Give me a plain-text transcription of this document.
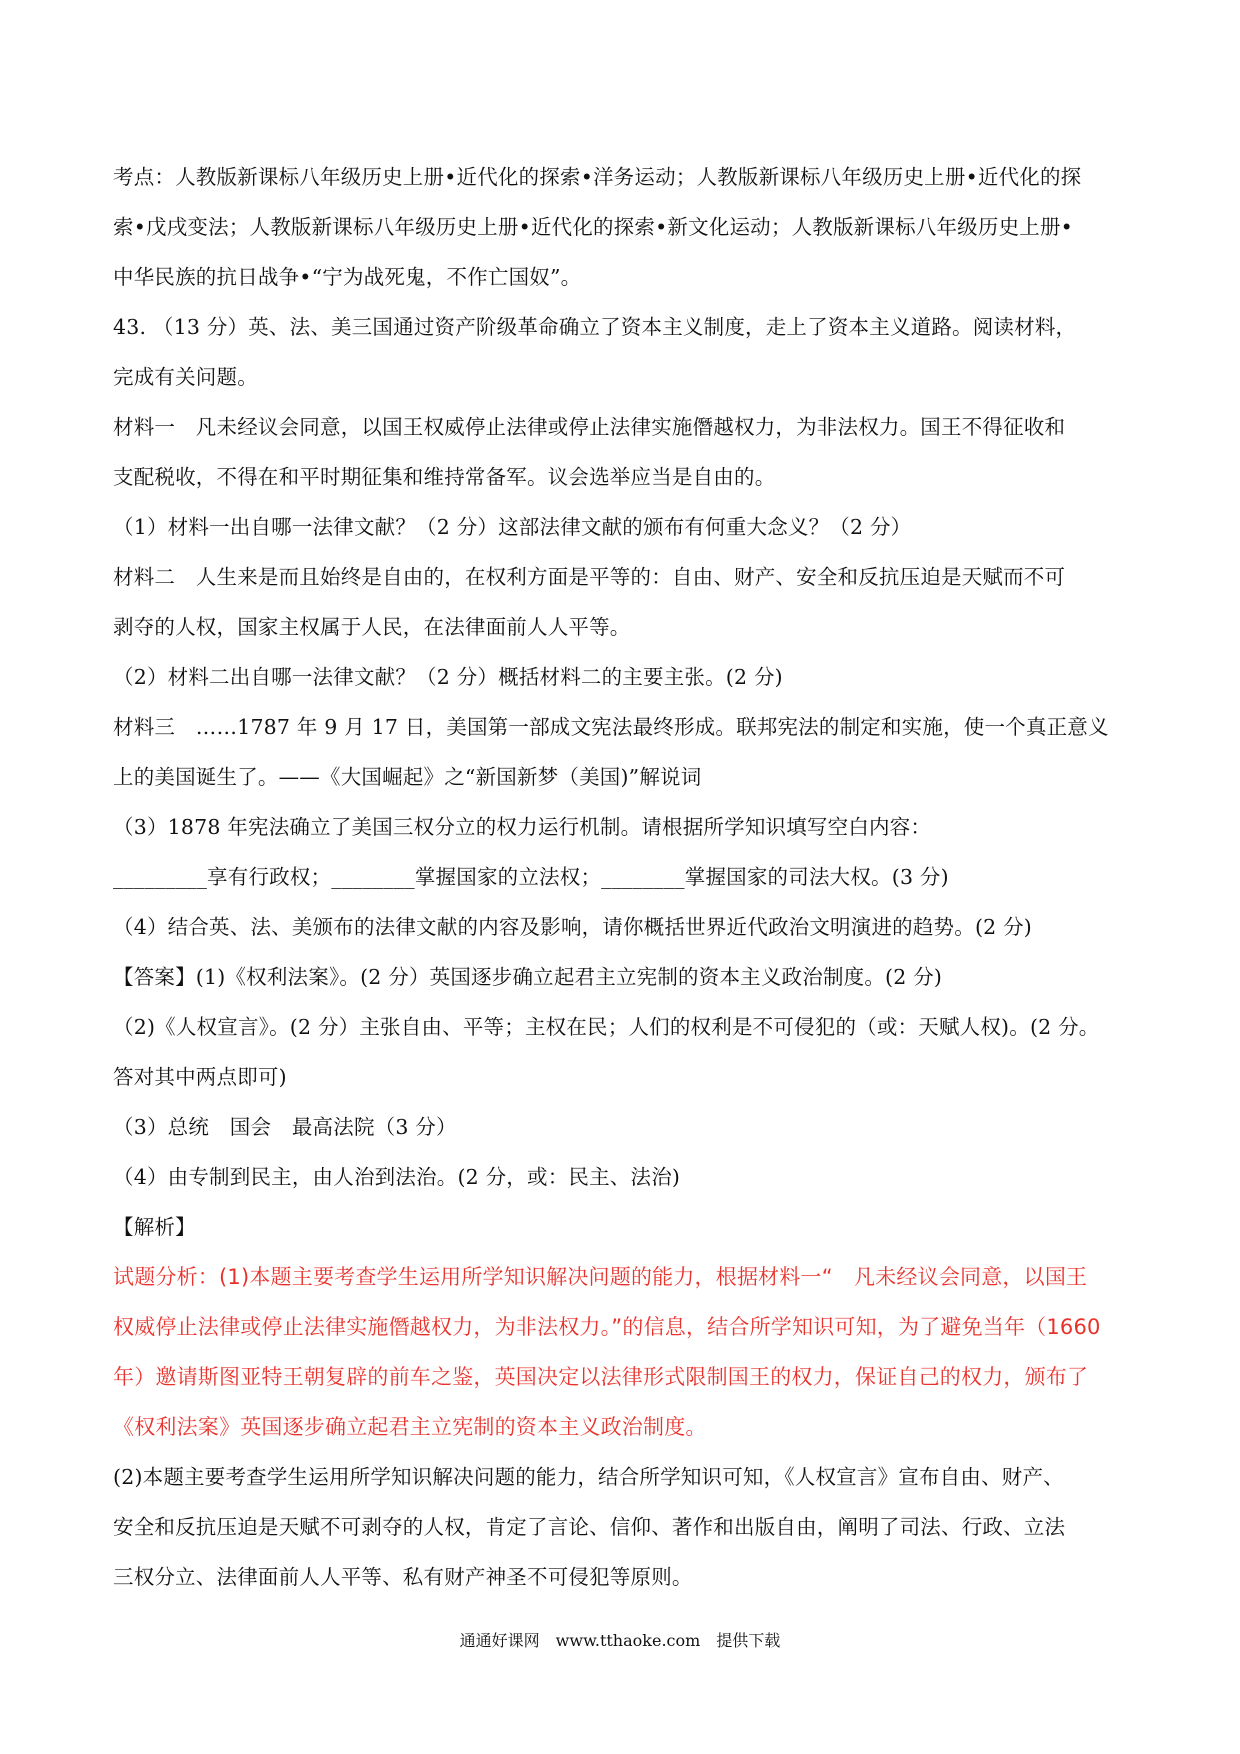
考点：人教版新课标八年级历史上册•近代化的探索•洋务运动；人教版新课标八年级历史上册•近代化的探
索•戊戌变法；人教版新课标八年级历史上册•近代化的探索•新文化运动；人教版新课标八年级历史上册•
中华民族的抗日战争•“宁为战死鬼，不作亡国奴”。
43. （13 分）英、法、美三国通过资产阶级革命确立了资本主义制度，走上了资本主义道路。阅读材料，
完成有关问题。
材料一　凡未经议会同意，以国王权威停止法律或停止法律实施僭越权力，为非法权力。国王不得征收和
支配税收，不得在和平时期征集和维持常备军。议会选举应当是自由的。
（1）材料一出自哪一法律文献？（2 分）这部法律文献的颁布有何重大念义？（2 分）
材料二　人生来是而且始终是自由的，在权利方面是平等的：自由、财产、安全和反抗压迫是天赋而不可
剥夺的人权，国家主权属于人民，在法律面前人人平等。
（2）材料二出自哪一法律文献？（2 分）概括材料二的主要主张。(2 分)
材料三　……1787 年 9 月 17 日，美国第一部成文宪法最终形成。联邦宪法的制定和实施，使一个真正意义
上的美国诞生了。——《大国崛起》之“新国新梦（美国)”解说词
（3）1878 年宪法确立了美国三权分立的权力运行机制。请根据所学知识填写空白内容：
_________享有行政权；________掌握国家的立法权；________掌握国家的司法大权。(3 分)
（4）结合英、法、美颁布的法律文献的内容及影响，请你概括世界近代政治文明演进的趋势。(2 分)
【答案】(1)《权利法案》。(2 分）英国逐步确立起君主立宪制的资本主义政治制度。(2 分)
（2)《人权宣言》。(2 分）主张自由、平等；主权在民；人们的权利是不可侵犯的（或：天赋人权)。(2 分。
答对其中两点即可)
（3）总统　国会　最高法院（3 分）
（4）由专制到民主，由人治到法治。(2 分，或：民主、法治)
【解析】
试题分析：(1)本题主要考查学生运用所学知识解决问题的能力，根据材料一“　凡未经议会同意，以国王
权威停止法律或停止法律实施僭越权力，为非法权力。”的信息，结合所学知识可知，为了避免当年（1660
年）邀请斯图亚特王朝复辟的前车之鉴，英国决定以法律形式限制国王的权力，保证自己的权力，颁布了
《权利法案》英国逐步确立起君主立宪制的资本主义政治制度。
(2)本题主要考查学生运用所学知识解决问题的能力，结合所学知识可知，《人权宣言》宣布自由、财产、
安全和反抗压迫是天赋不可剥夺的人权，肯定了言论、信仰、著作和出版自由，阐明了司法、行政、立法
三权分立、法律面前人人平等、私有财产神圣不可侵犯等原则。
通通好课网　www.tthaoke.com　提供下载
